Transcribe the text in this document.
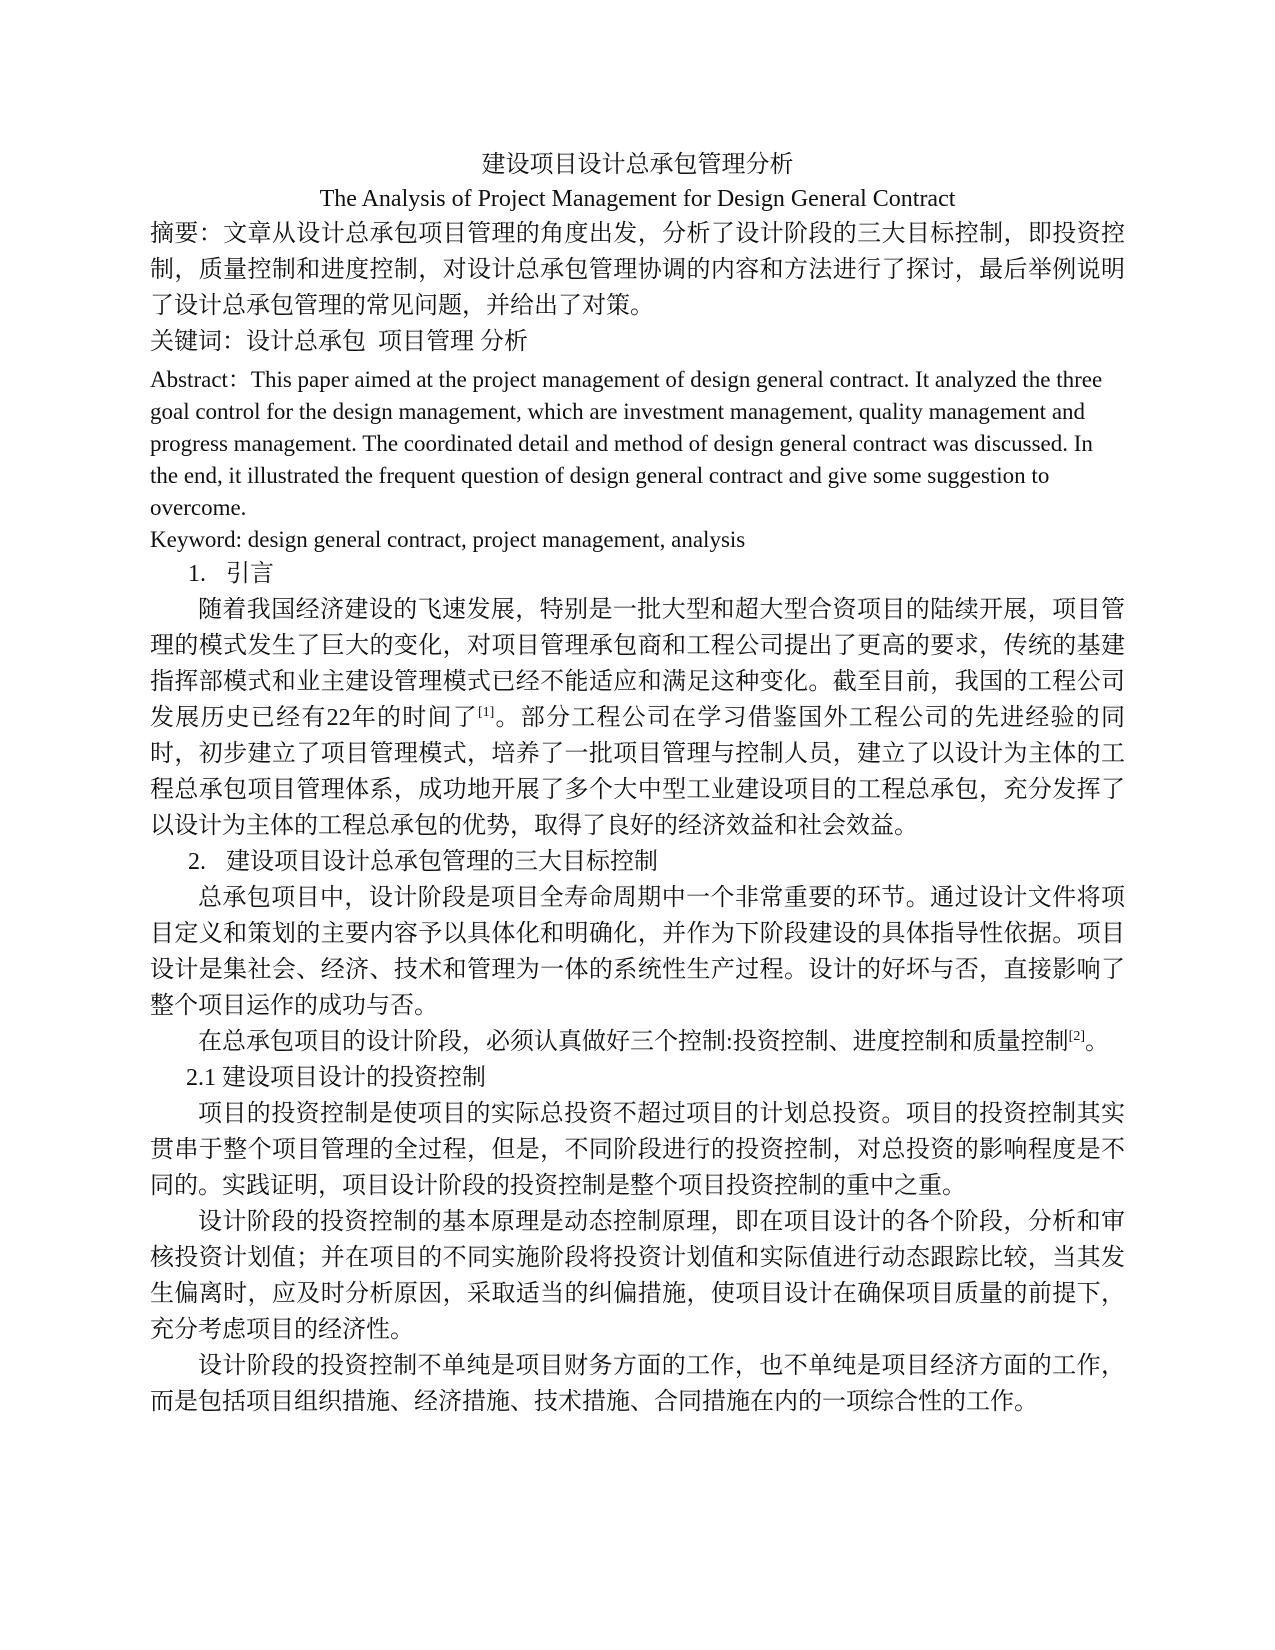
建设项目设计总承包管理分析
The Analysis of Project Management for Design General Contract

摘要：文章从设计总承包项目管理的角度出发，分析了设计阶段的三大目标控制，即投资控制，质量控制和进度控制，对设计总承包管理协调的内容和方法进行了探讨，最后举例说明了设计总承包管理的常见问题，并给出了对策。

关键词：设计总承包  项目管理 分析

Abstract：This paper aimed at the project management of design general contract. It analyzed the three goal control for the design management, which are investment management, quality management and progress management. The coordinated detail and method of design general contract was discussed. In the end, it illustrated the frequent question of design general contract and give some suggestion to overcome.

Keyword: design general contract, project management, analysis

1. 引言

随着我国经济建设的飞速发展，特别是一批大型和超大型合资项目的陆续开展，项目管理的模式发生了巨大的变化，对项目管理承包商和工程公司提出了更高的要求，传统的基建指挥部模式和业主建设管理模式已经不能适应和满足这种变化。截至目前，我国的工程公司发展历史已经有22年的时间了[1]。部分工程公司在学习借鉴国外工程公司的先进经验的同时，初步建立了项目管理模式，培养了一批项目管理与控制人员，建立了以设计为主体的工程总承包项目管理体系，成功地开展了多个大中型工业建设项目的工程总承包，充分发挥了以设计为主体的工程总承包的优势，取得了良好的经济效益和社会效益。

2. 建设项目设计总承包管理的三大目标控制

总承包项目中，设计阶段是项目全寿命周期中一个非常重要的环节。通过设计文件将项目定义和策划的主要内容予以具体化和明确化，并作为下阶段建设的具体指导性依据。项目设计是集社会、经济、技术和管理为一体的系统性生产过程。设计的好坏与否，直接影响了整个项目运作的成功与否。

在总承包项目的设计阶段，必须认真做好三个控制:投资控制、进度控制和质量控制[2]。

2.1 建设项目设计的投资控制

项目的投资控制是使项目的实际总投资不超过项目的计划总投资。项目的投资控制其实贯串于整个项目管理的全过程，但是，不同阶段进行的投资控制，对总投资的影响程度是不同的。实践证明，项目设计阶段的投资控制是整个项目投资控制的重中之重。

设计阶段的投资控制的基本原理是动态控制原理，即在项目设计的各个阶段，分析和审核投资计划值；并在项目的不同实施阶段将投资计划值和实际值进行动态跟踪比较，当其发生偏离时，应及时分析原因，采取适当的纠偏措施，使项目设计在确保项目质量的前提下，充分考虑项目的经济性。

设计阶段的投资控制不单纯是项目财务方面的工作，也不单纯是项目经济方面的工作，而是包括项目组织措施、经济措施、技术措施、合同措施在内的一项综合性的工作。
